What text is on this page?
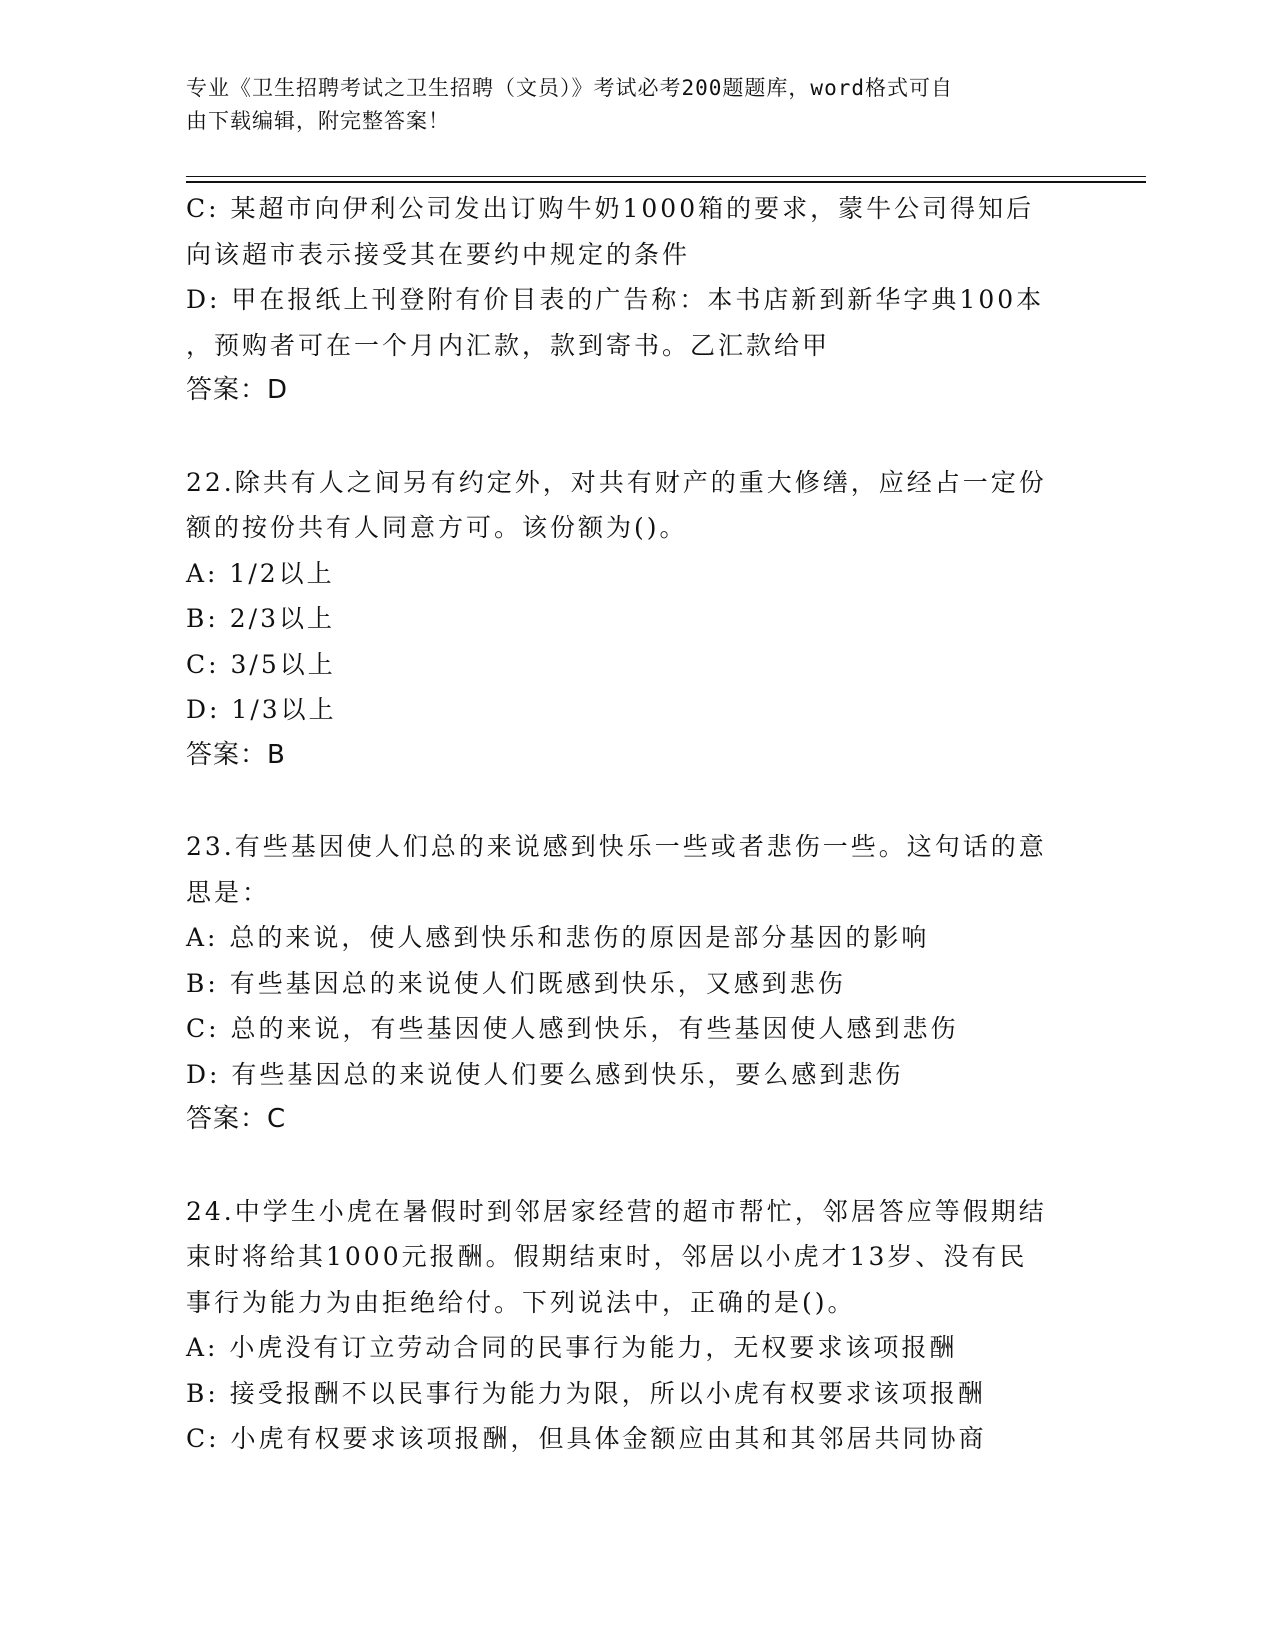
专业《卫生招聘考试之卫生招聘（文员）》考试必考200题题库，word格式可自
由下载编辑，附完整答案！
C: 某超市向伊利公司发出订购牛奶1000箱的要求，蒙牛公司得知后
向该超市表示接受其在要约中规定的条件
D: 甲在报纸上刊登附有价目表的广告称：本书店新到新华字典100本
，预购者可在一个月内汇款，款到寄书。乙汇款给甲
答案：D
22.除共有人之间另有约定外，对共有财产的重大修缮，应经占一定份
额的按份共有人同意方可。该份额为()。
A: 1/2以上
B: 2/3以上
C: 3/5以上
D: 1/3以上
答案：B
23.有些基因使人们总的来说感到快乐一些或者悲伤一些。这句话的意
思是：
A: 总的来说，使人感到快乐和悲伤的原因是部分基因的影响
B: 有些基因总的来说使人们既感到快乐，又感到悲伤
C: 总的来说，有些基因使人感到快乐，有些基因使人感到悲伤
D: 有些基因总的来说使人们要么感到快乐，要么感到悲伤
答案：C
24.中学生小虎在暑假时到邻居家经营的超市帮忙，邻居答应等假期结
束时将给其1000元报酬。假期结束时，邻居以小虎才13岁、没有民
事行为能力为由拒绝给付。下列说法中，正确的是()。
A: 小虎没有订立劳动合同的民事行为能力，无权要求该项报酬
B: 接受报酬不以民事行为能力为限，所以小虎有权要求该项报酬
C: 小虎有权要求该项报酬，但具体金额应由其和其邻居共同协商
